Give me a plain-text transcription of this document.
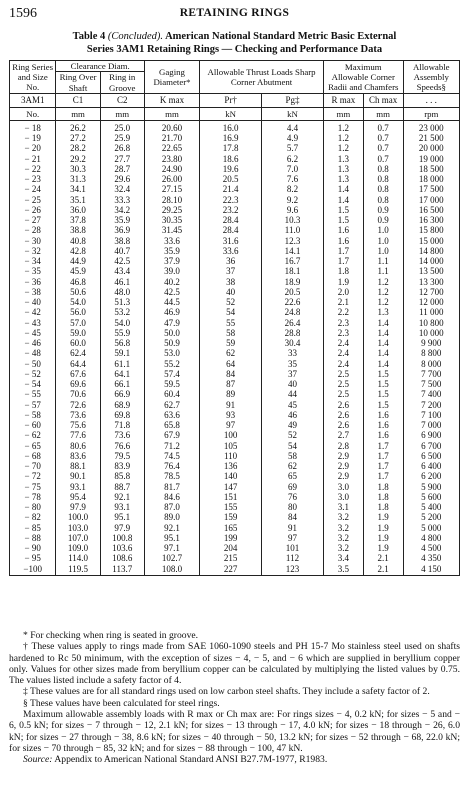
1596	RETAINING RINGS
Table 4 (Concluded). American National Standard Metric Basic External
Series 3AM1 Retaining Rings — Checking and Performance Data
Ring Series and Size No.	Clearance Diam.		Gaging Diameter*	Allowable Thrust Loads Sharp Corner Abutment		Maximum Allowable Corner Radii and Chamfers		Allowable Assembly Speeds§
	Ring Over Shaft	Ring in Groove						
3AM1	C1	C2	K max	Pr†	Pg‡	R max	Ch max	. . .
No.	mm	mm	mm	kN	kN	mm	mm	rpm
− 18	26.2	25.0	20.60	16.0	4.4	1.2	0.7	23 000
− 19	27.2	25.9	21.70	16.9	4.9	1.2	0.7	21 500
− 20	28.2	26.8	22.65	17.8	5.7	1.2	0.7	20 000
− 21	29.2	27.7	23.80	18.6	6.2	1.3	0.7	19 000
− 22	30.3	28.7	24.90	19.6	7.0	1.3	0.8	18 500
− 23	31.3	29.6	26.00	20.5	7.6	1.3	0.8	18 000
− 24	34.1	32.4	27.15	21.4	8.2	1.4	0.8	17 500
− 25	35.1	33.3	28.10	22.3	9.2	1.4	0.8	17 000
− 26	36.0	34.2	29.25	23.2	9.6	1.5	0.9	16 500
− 27	37.8	35.9	30.35	28.4	10.3	1.5	0.9	16 300
− 28	38.8	36.9	31.45	28.4	11.0	1.6	1.0	15 800
− 30	40.8	38.8	33.6	31.6	12.3	1.6	1.0	15 000
− 32	42.8	40.7	35.9	33.6	14.1	1.7	1.0	14 800
− 34	44.9	42.5	37.9	36	16.7	1.7	1.1	14 000
− 35	45.9	43.4	39.0	37	18.1	1.8	1.1	13 500
− 36	46.8	46.1	40.2	38	18.9	1.9	1.2	13 300
− 38	50.6	48.0	42.5	40	20.5	2.0	1.2	12 700
− 40	54.0	51.3	44.5	52	22.6	2.1	1.2	12 000
− 42	56.0	53.2	46.9	54	24.8	2.2	1.3	11 000
− 43	57.0	54.0	47.9	55	26.4	2.3	1.4	10 800
− 45	59.0	55.9	50.0	58	28.8	2.3	1.4	10 000
− 46	60.0	56.8	50.9	59	30.4	2.4	1.4	9 900
− 48	62.4	59.1	53.0	62	33	2.4	1.4	8 800
− 50	64.4	61.1	55.2	64	35	2.4	1.4	8 000
− 52	67.6	64.1	57.4	84	37	2.5	1.5	7 700
− 54	69.6	66.1	59.5	87	40	2.5	1.5	7 500
− 55	70.6	66.9	60.4	89	44	2.5	1.5	7 400
− 57	72.6	68.9	62.7	91	45	2.6	1.5	7 200
− 58	73.6	69.8	63.6	93	46	2.6	1.6	7 100
− 60	75.6	71.8	65.8	97	49	2.6	1.6	7 000
− 62	77.6	73.6	67.9	100	52	2.7	1.6	6 900
− 65	80.6	76.6	71.2	105	54	2.8	1.7	6 700
− 68	83.6	79.5	74.5	110	58	2.9	1.7	6 500
− 70	88.1	83.9	76.4	136	62	2.9	1.7	6 400
− 72	90.1	85.8	78.5	140	65	2.9	1.7	6 200
− 75	93.1	88.7	81.7	147	69	3.0	1.8	5 900
− 78	95.4	92.1	84.6	151	76	3.0	1.8	5 600
− 80	97.9	93.1	87.0	155	80	3.1	1.8	5 400
− 82	100.0	95.1	89.0	159	84	3.2	1.9	5 200
− 85	103.0	97.9	92.1	165	91	3.2	1.9	5 000
− 88	107.0	100.8	95.1	199	97	3.2	1.9	4 800
− 90	109.0	103.6	97.1	204	101	3.2	1.9	4 500
− 95	114.0	108.6	102.7	215	112	3.4	2.1	4 350
−100	119.5	113.7	108.0	227	123	3.5	2.1	4 150

* For checking when ring is seated in groove.

† These values apply to rings made from SAE 1060-1090 steels and PH 15-7 Mo stainless steel used on shafts hardened to Rc 50 minimum, with the exception of sizes − 4, − 5, and − 6 which are supplied in beryllium copper only. Values for other sizes made from beryllium copper can be calculated by multiplying the listed values by 0.75. The values listed include a safety factor of 4.

‡ These values are for all standard rings used on low carbon steel shafts. They include a safety factor of 2.

§ These values have been calculated for steel rings.

Maximum allowable assembly loads with R max or Ch max are: For rings sizes − 4, 0.2 kN; for sizes − 5 and − 6, 0.5 kN; for sizes − 7 through − 12, 2.1 kN; for sizes − 13 through − 17, 4.0 kN; for sizes − 18 through − 26, 6.0 kN; for sizes − 27 through − 38, 8.6 kN; for sizes − 40 through − 50, 13.2 kN; for sizes − 52 through − 68, 22.0 kN; for sizes − 70 through − 85, 32 kN; and for sizes − 88 through − 100, 47 kN.

Source: Appendix to American National Standard ANSI B27.7M-1977, R1983.
